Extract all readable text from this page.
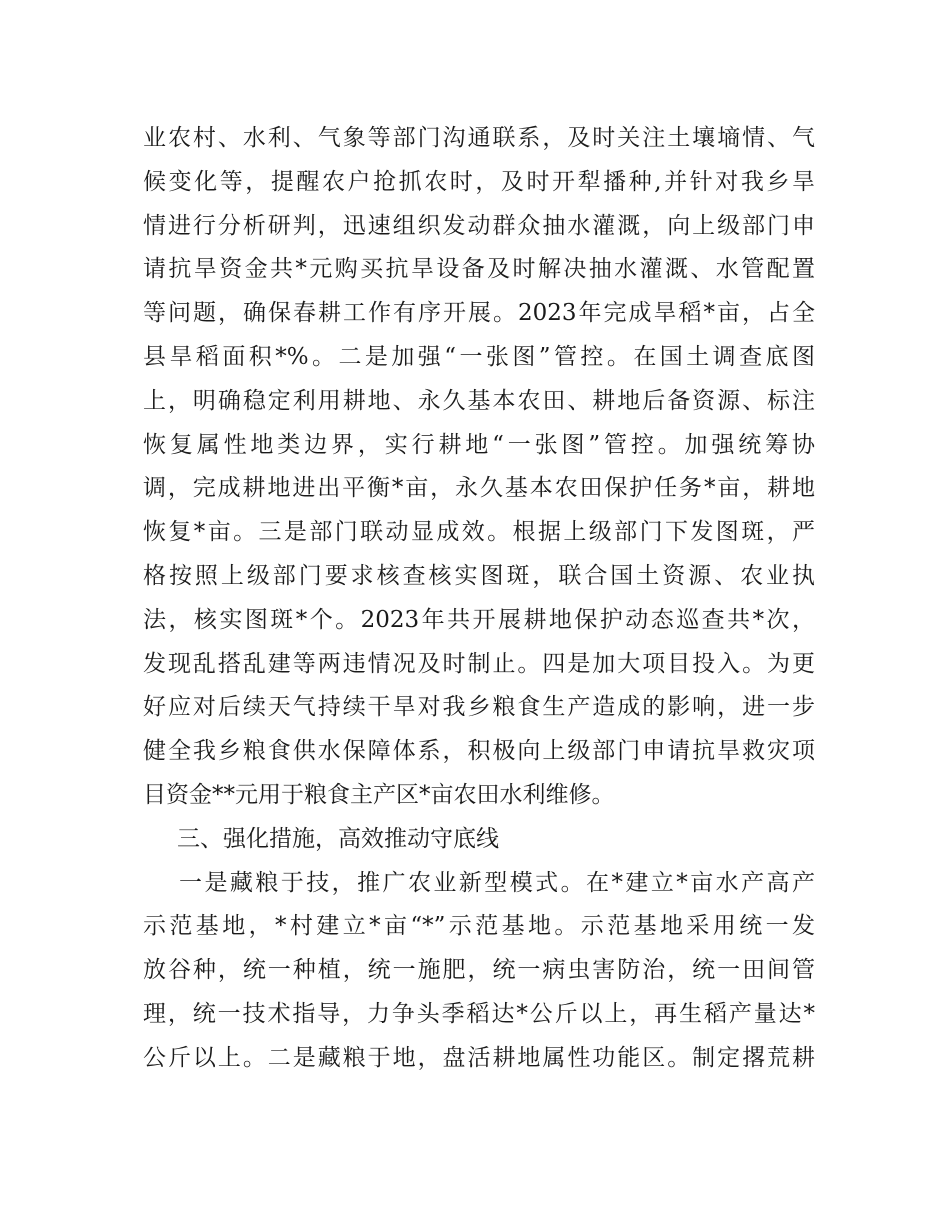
业农村、水利、气象等部门沟通联系，及时关注土壤墒情、气
候变化等，提醒农户抢抓农时，及时开犁播种,并针对我乡旱
情进行分析研判，迅速组织发动群众抽水灌溉，向上级部门申
请抗旱资金共*元购买抗旱设备及时解决抽水灌溉、水管配置
等问题，确保春耕工作有序开展。2023年完成旱稻*亩，占全
县旱稻面积*%。二是加强“一张图”管控。在国土调查底图
上，明确稳定利用耕地、永久基本农田、耕地后备资源、标注
恢复属性地类边界，实行耕地“一张图”管控。加强统筹协
调，完成耕地进出平衡*亩，永久基本农田保护任务*亩，耕地
恢复*亩。三是部门联动显成效。根据上级部门下发图斑，严
格按照上级部门要求核查核实图斑，联合国土资源、农业执
法，核实图斑*个。2023年共开展耕地保护动态巡查共*次，
发现乱搭乱建等两违情况及时制止。四是加大项目投入。为更
好应对后续天气持续干旱对我乡粮食生产造成的影响，进一步
健全我乡粮食供水保障体系，积极向上级部门申请抗旱救灾项
目资金**元用于粮食主产区*亩农田水利维修。
三、强化措施，高效推动守底线
一是藏粮于技，推广农业新型模式。在*建立*亩水产高产
示范基地，*村建立*亩“*”示范基地。示范基地采用统一发
放谷种，统一种植，统一施肥，统一病虫害防治，统一田间管
理，统一技术指导，力争头季稻达*公斤以上，再生稻产量达*
公斤以上。二是藏粮于地，盘活耕地属性功能区。制定撂荒耕
